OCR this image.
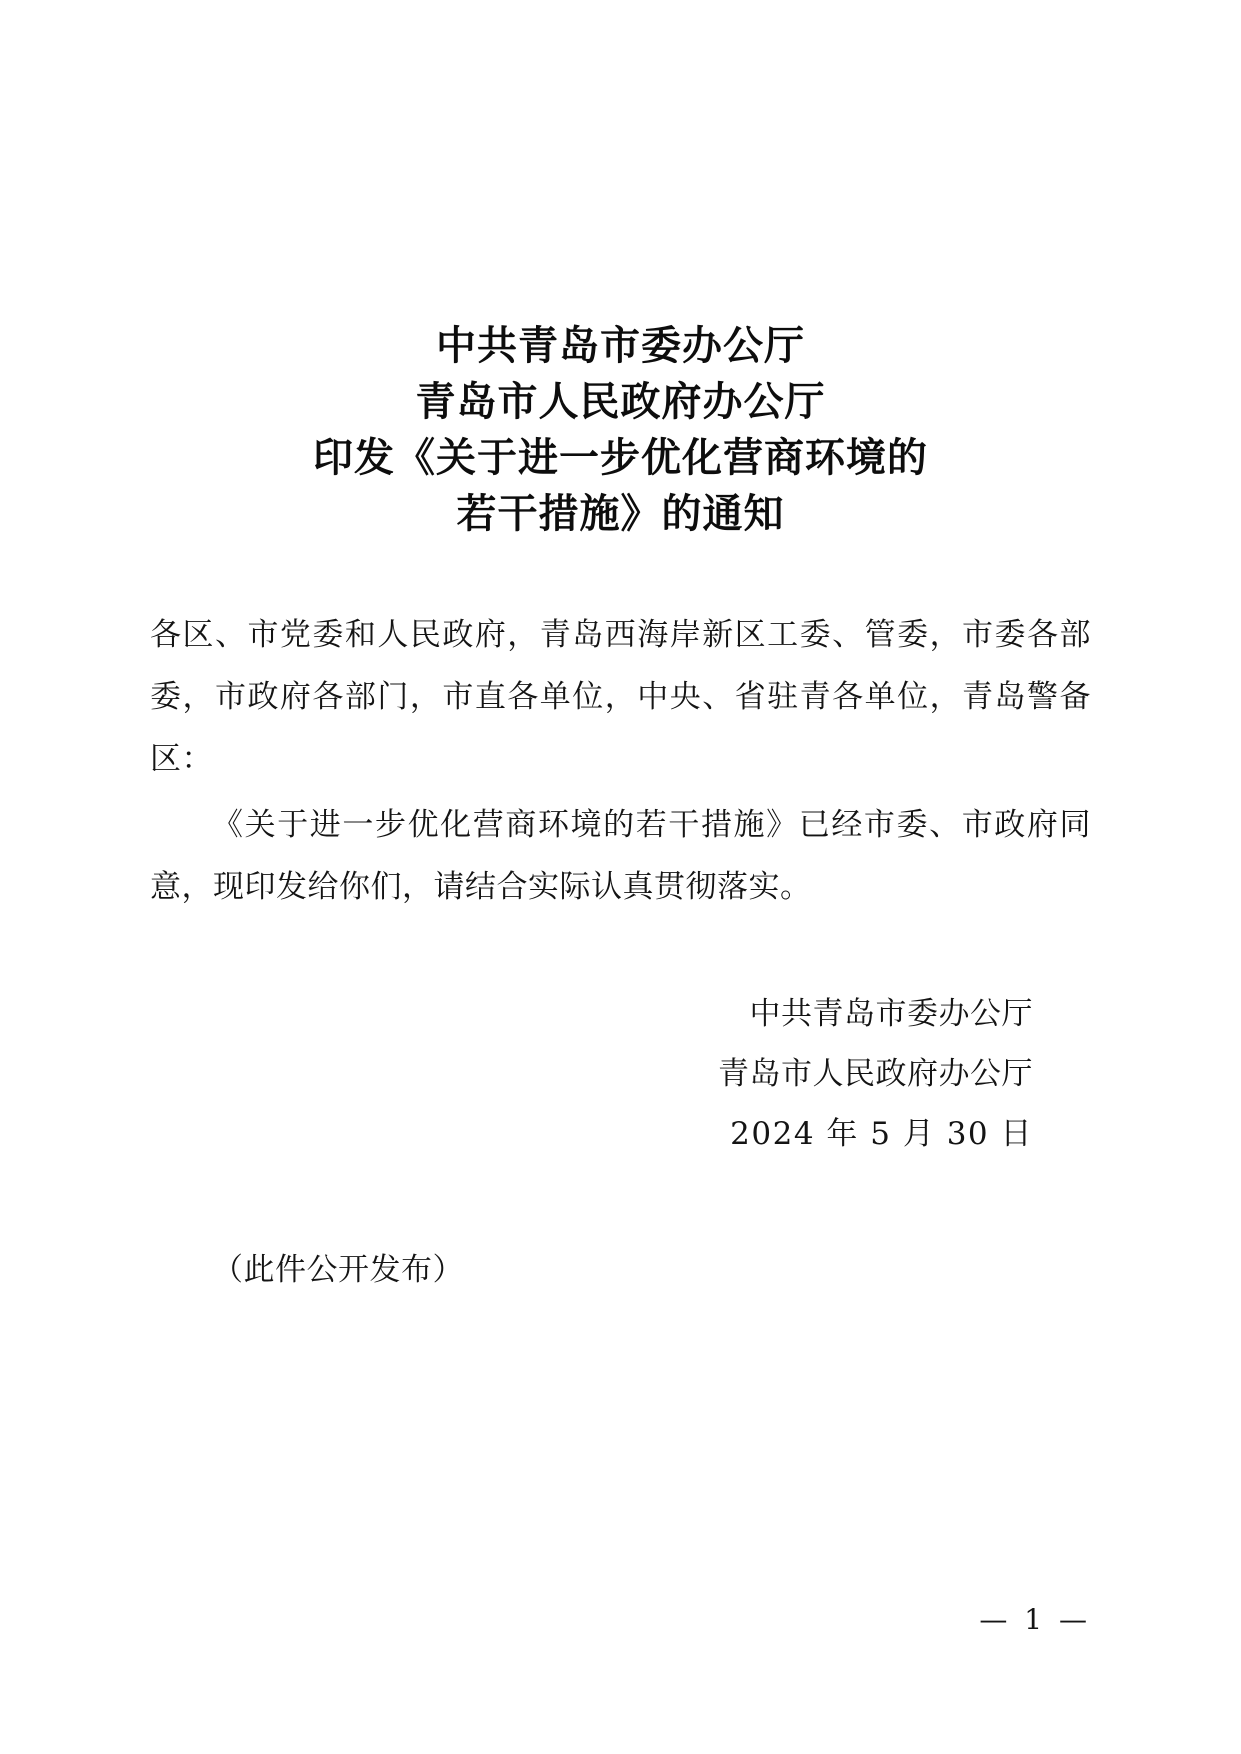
中共青岛市委办公厅
青岛市人民政府办公厅
印发《关于进一步优化营商环境的
若干措施》的通知

各区、市党委和人民政府，青岛西海岸新区工委、管委，市委各部委，市政府各部门，市直各单位，中央、省驻青各单位，青岛警备区：

《关于进一步优化营商环境的若干措施》已经市委、市政府同意，现印发给你们，请结合实际认真贯彻落实。

中共青岛市委办公厅
青岛市人民政府办公厅
2024 年 5 月 30 日
（此件公开发布）
— 1 —
